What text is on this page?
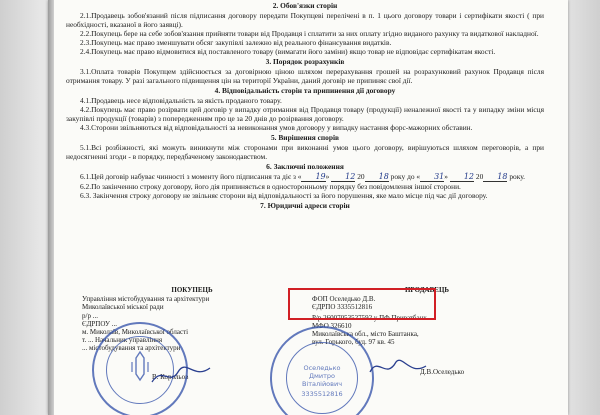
2. Обов'язки сторін
2.1.Продавець зобов'язаний після підписання договору передати Покупцеві перелічені в п. 1 цього договору товари і сертифікати якості ( при необхідності, вказаної в його заявці).
2.2.Покупець бере на себе зобов'язання прийняти товари від Продавця і сплатити за них оплату згідно виданого рахунку та видаткової накладної.
2.3.Покупець має право зменшувати обсяг закупівлі залежно від реального фінансування видатків.
2.4.Покупець має право відмовитися від поставленого товару (вимагати його заміни) якщо товар не відповідає сертифікатам якості.
3. Порядок розрахунків
3.1.Оплата товарів Покупцем здійснюється за договірною ціною шляхом перерахування грошей на розрахунковий рахунок Продавця після отримання товару. У разі загального підвищення цін на території України, даний договір не припиняє свої дії.
4. Відповідальність сторін та припинення дії договору
4.1.Продавець несе відповідальність за якість проданого товару.
4.2.Покупець має право розірвати цей договір у випадку отримання від Продавця товару (продукції) неналежної якості та у випадку зміни місця закупівлі продукції (товарів) з попередженням про це за 20 днів до розірвання договору.
4.3.Сторони звільняються від відповідальності за невиконання умов договору у випадку настання форс-мажорних обставин.
5. Вирішення спорів
5.1.Всі розбіжності, які можуть виникнути між сторонами при виконанні умов цього договору, вирішуються шляхом переговорів, а при недосягненні згоди - в порядку, передбаченому законодавством.
6. Заключні положення
6.1.Цей договір набуває чинності з моменту його підписання та діє з « 19» 12 20 18 року до « 31» 12 20 18 року.
6.2.По закінченню строку договору, його дія припиняється в односторонньому порядку без повідомлення іншої сторони.
6.3. Закінчення строку договору не звільняє сторони від відповідальності за його порушення, яке мало місце під час дії договору.
7. Юридичні адреси сторін
ПОКУПЕЦЬ
Управління містобудування та архітектури
Миколаївської міської ради
р/р ...
ЄДРПОУ ...
м. Миколаїв, Миколаївської області
т. ... Начальник управління
... містобудування та архітектури
В. Корольов
ПРОДАВЕЦЬ
ФОП Оселедько Д.В.
ЄДРПО 3335512816
Р/р 26007053527592 у ПФ Приватбанк
МФО 326610
Миколаївська обл., місто Баштанка,
вул. Горького, буд. 97 кв. 45
Д.В.Оселедько
Оселедько Дмитро Віталійович
3335512816
